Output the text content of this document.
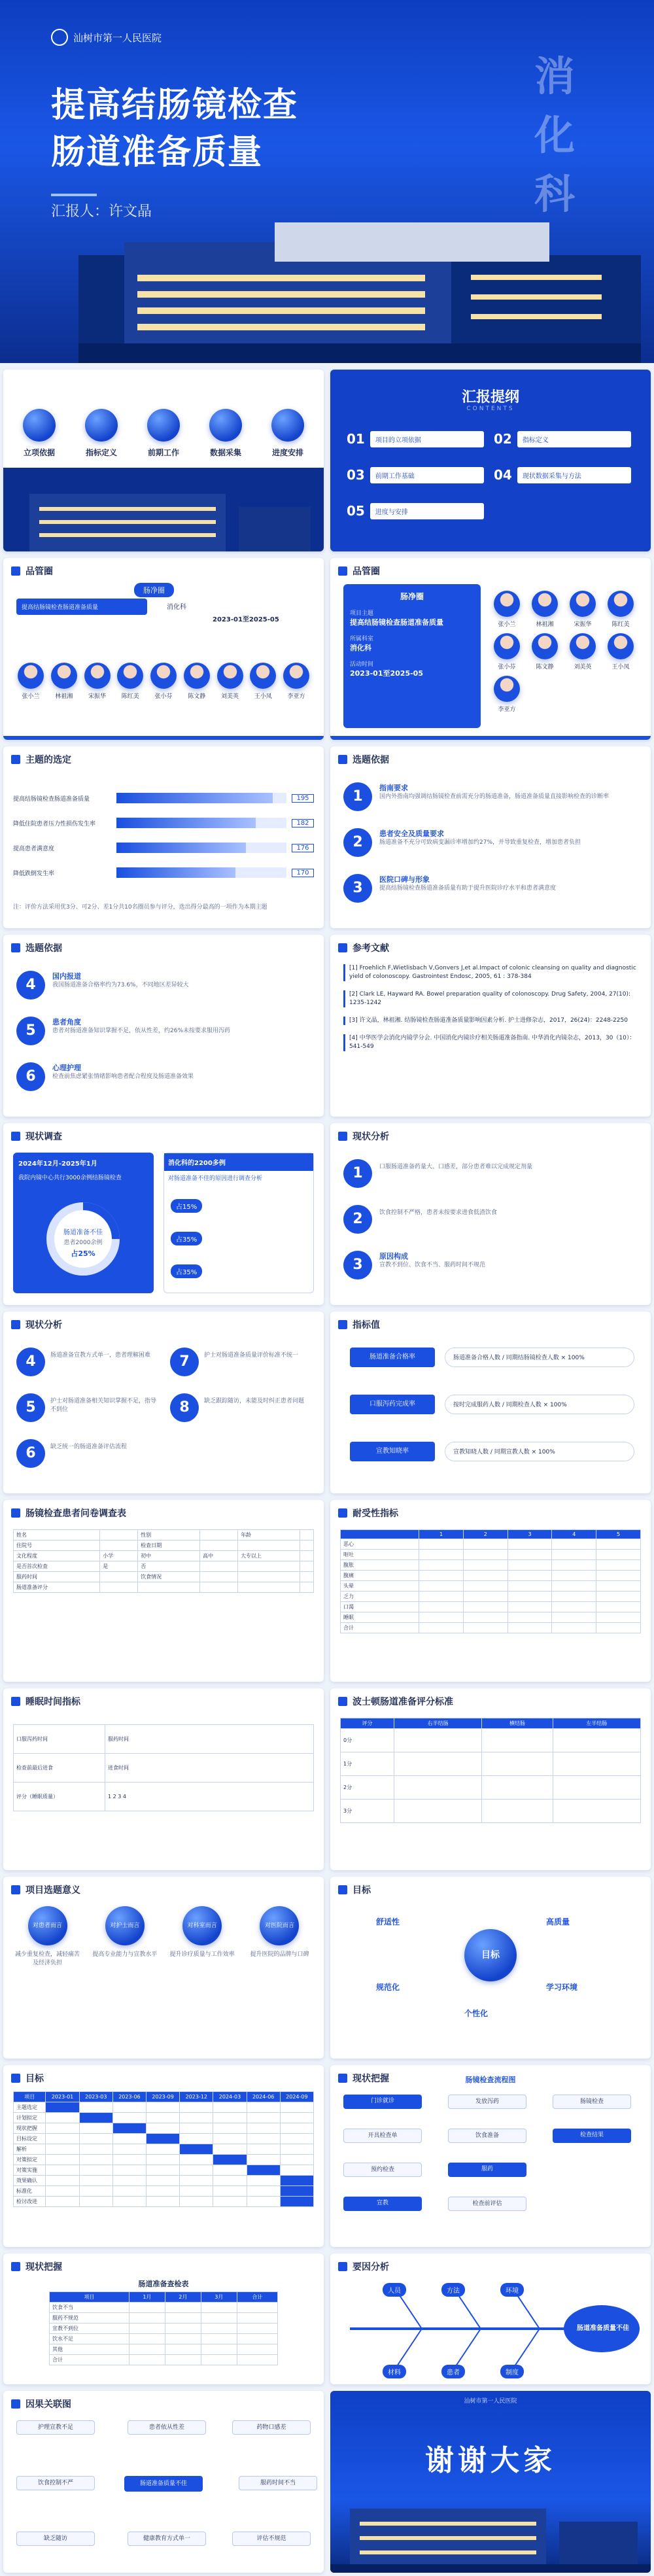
汕树市第一人民医院
提高结肠镜检查
肠道准备质量
汇报人：许文晶
消
化
科
立项依据	指标定义	前期工作	数据采集	进度安排
汇报提纲
CONTENTS
01	项目的立项依据	02	指标定义
03	前期工作基础	04	现状数据采集与方法
05	进度与安排
品管圈
肠净圈
提高结肠镜检查肠道准备质量	消化科
2023-01至2025-05
张小兰	林祖湘	宋振华	陈红美	张小芬	陈文静	刘美英	王小凤	李亚方
品管圈
肠净圈
项目主题
提高结肠镜检查肠道准备质量
所属科室
消化科
活动时间
2023-01至2025-05
张小兰	林祖湘	宋振华	陈红美
张小芬	陈文静	刘美英	王小凤
李亚方
主题的选定
提高结肠镜检查肠道准备质量	195
降低住院患者压力性损伤发生率	182
提高患者满意度	176
降低跌倒发生率	170
注：评价方法采用优3分、可2分、差1分共10名圈员参与评分，选出得分最高的一项作为本期主题
选题依据
1
指南要求
国内外指南均强调结肠镜检查前需充分的肠道准备，肠道准备质量直接影响检查的诊断率
2
患者安全及质量要求
肠道准备不充分可致病变漏诊率增加约27%，并导致重复检查，增加患者负担
3
医院口碑与形象
提高结肠镜检查肠道准备质量有助于提升医院诊疗水平和患者满意度
选题依据
4
国内报道
我国肠道准备合格率约为73.6%，不同地区差异较大
5
患者角度
患者对肠道准备知识掌握不足，依从性差，约26%未按要求服用泻药
6
心理护理
检查前焦虑紧张情绪影响患者配合程度及肠道准备效果
参考文献
[1] Froehlich F,Wietlisbach V,Gonvers J,et al.Impact of colonic cleansing on quality and diagnostic yield of colonoscopy. Gastrointest Endosc, 2005, 61 : 378-384
[2] Clark LE, Hayward RA. Bowel preparation quality of colonoscopy. Drug Safety, 2004, 27(10): 1235-1242
[3] 许文晶，林祖湘. 结肠镜检查肠道准备质量影响因素分析. 护士进修杂志，2017，26(24)：2248-2250
[4] 中华医学会消化内镜学分会. 中国消化内镜诊疗相关肠道准备指南. 中华消化内镜杂志，2013，30（10）：541-549
现状调查
2024年12月-2025年1月
我院内镜中心共行3000余例结肠镜检查
肠道准备不佳
患者2000余例
占25%
消化科的2200多例
对肠道准备不佳的原因进行调查分析
占15%
占35%
占35%
现状分析
1	口服肠道准备药量大、口感差，部分患者难以完成规定剂量
2	饮食控制不严格，患者未按要求进食低渣饮食
3
原因构成
宣教不到位、饮食不当、服药时间不规范
现状分析
4	肠道准备宣教方式单一，患者理解困难
5	护士对肠道准备相关知识掌握不足，指导不到位
6	缺乏统一的肠道准备评估流程
7	护士对肠道准备质量评价标准不统一
8	缺乏跟踪随访，未能及时纠正患者问题
指标值
肠道准备合格率	肠道准备合格人数 / 同期结肠镜检查人数 × 100%
口服泻药完成率	按时完成服药人数 / 同期检查人数 × 100%
宣教知晓率	宣教知晓人数 / 同期宣教人数 × 100%
肠镜检查患者问卷调查表
姓名		性别		年龄	
住院号		检查日期			
文化程度	小学	初中	高中	大专以上	
是否首次检查	是	否			
服药时间		饮食情况			
肠道准备评分					
耐受性指标
	1	2	3	4	5
恶心					
呕吐					
腹胀					
腹痛					
头晕					
乏力					
口渴					
睡眠					
合计					
睡眠时间指标
口服泻药时间	服药时间
检查前最后进食	进食时间
评分（睡眠质量）	1 2 3 4
波士顿肠道准备评分标准
评分	右半结肠	横结肠	左半结肠
0分			
1分			
2分			
3分			
项目选题意义
对患者而言
减少重复检查，减轻痛苦及经济负担
对护士而言
提高专业能力与宣教水平
对科室而言
提升诊疗质量与工作效率
对医院而言
提升医院的品牌与口碑
目标
目标
舒适性	高质量
规范化	学习环境
个性化
目标
项目	2023-01	2023-03	2023-06	2023-09	2023-12	2024-03	2024-06	2024-09
主题选定								
计划拟定								
现状把握								
目标设定								
解析								
对策拟定								
对策实施								
效果确认								
标准化								
检讨改进								
现状把握	肠镜检查流程图
门诊就诊
开具检查单
预约检查
宣教
发放泻药
饮食准备
服药
检查前评估
肠镜检查
检查结果
现状把握
肠道准备查检表
项目	1月	2月	3月	合计
饮食不当				
服药不规范				
宣教不到位				
饮水不足				
其他				
合计				
要因分析
肠道准备质量不佳
人员	方法	环境
材料	患者	制度
因果关联图
肠道准备质量不佳
护理宣教不足	患者依从性差	药物口感差
饮食控制不严	服药时间不当
缺乏随访	健康教育方式单一	评估不规范
汕树市第一人民医院
谢谢大家
